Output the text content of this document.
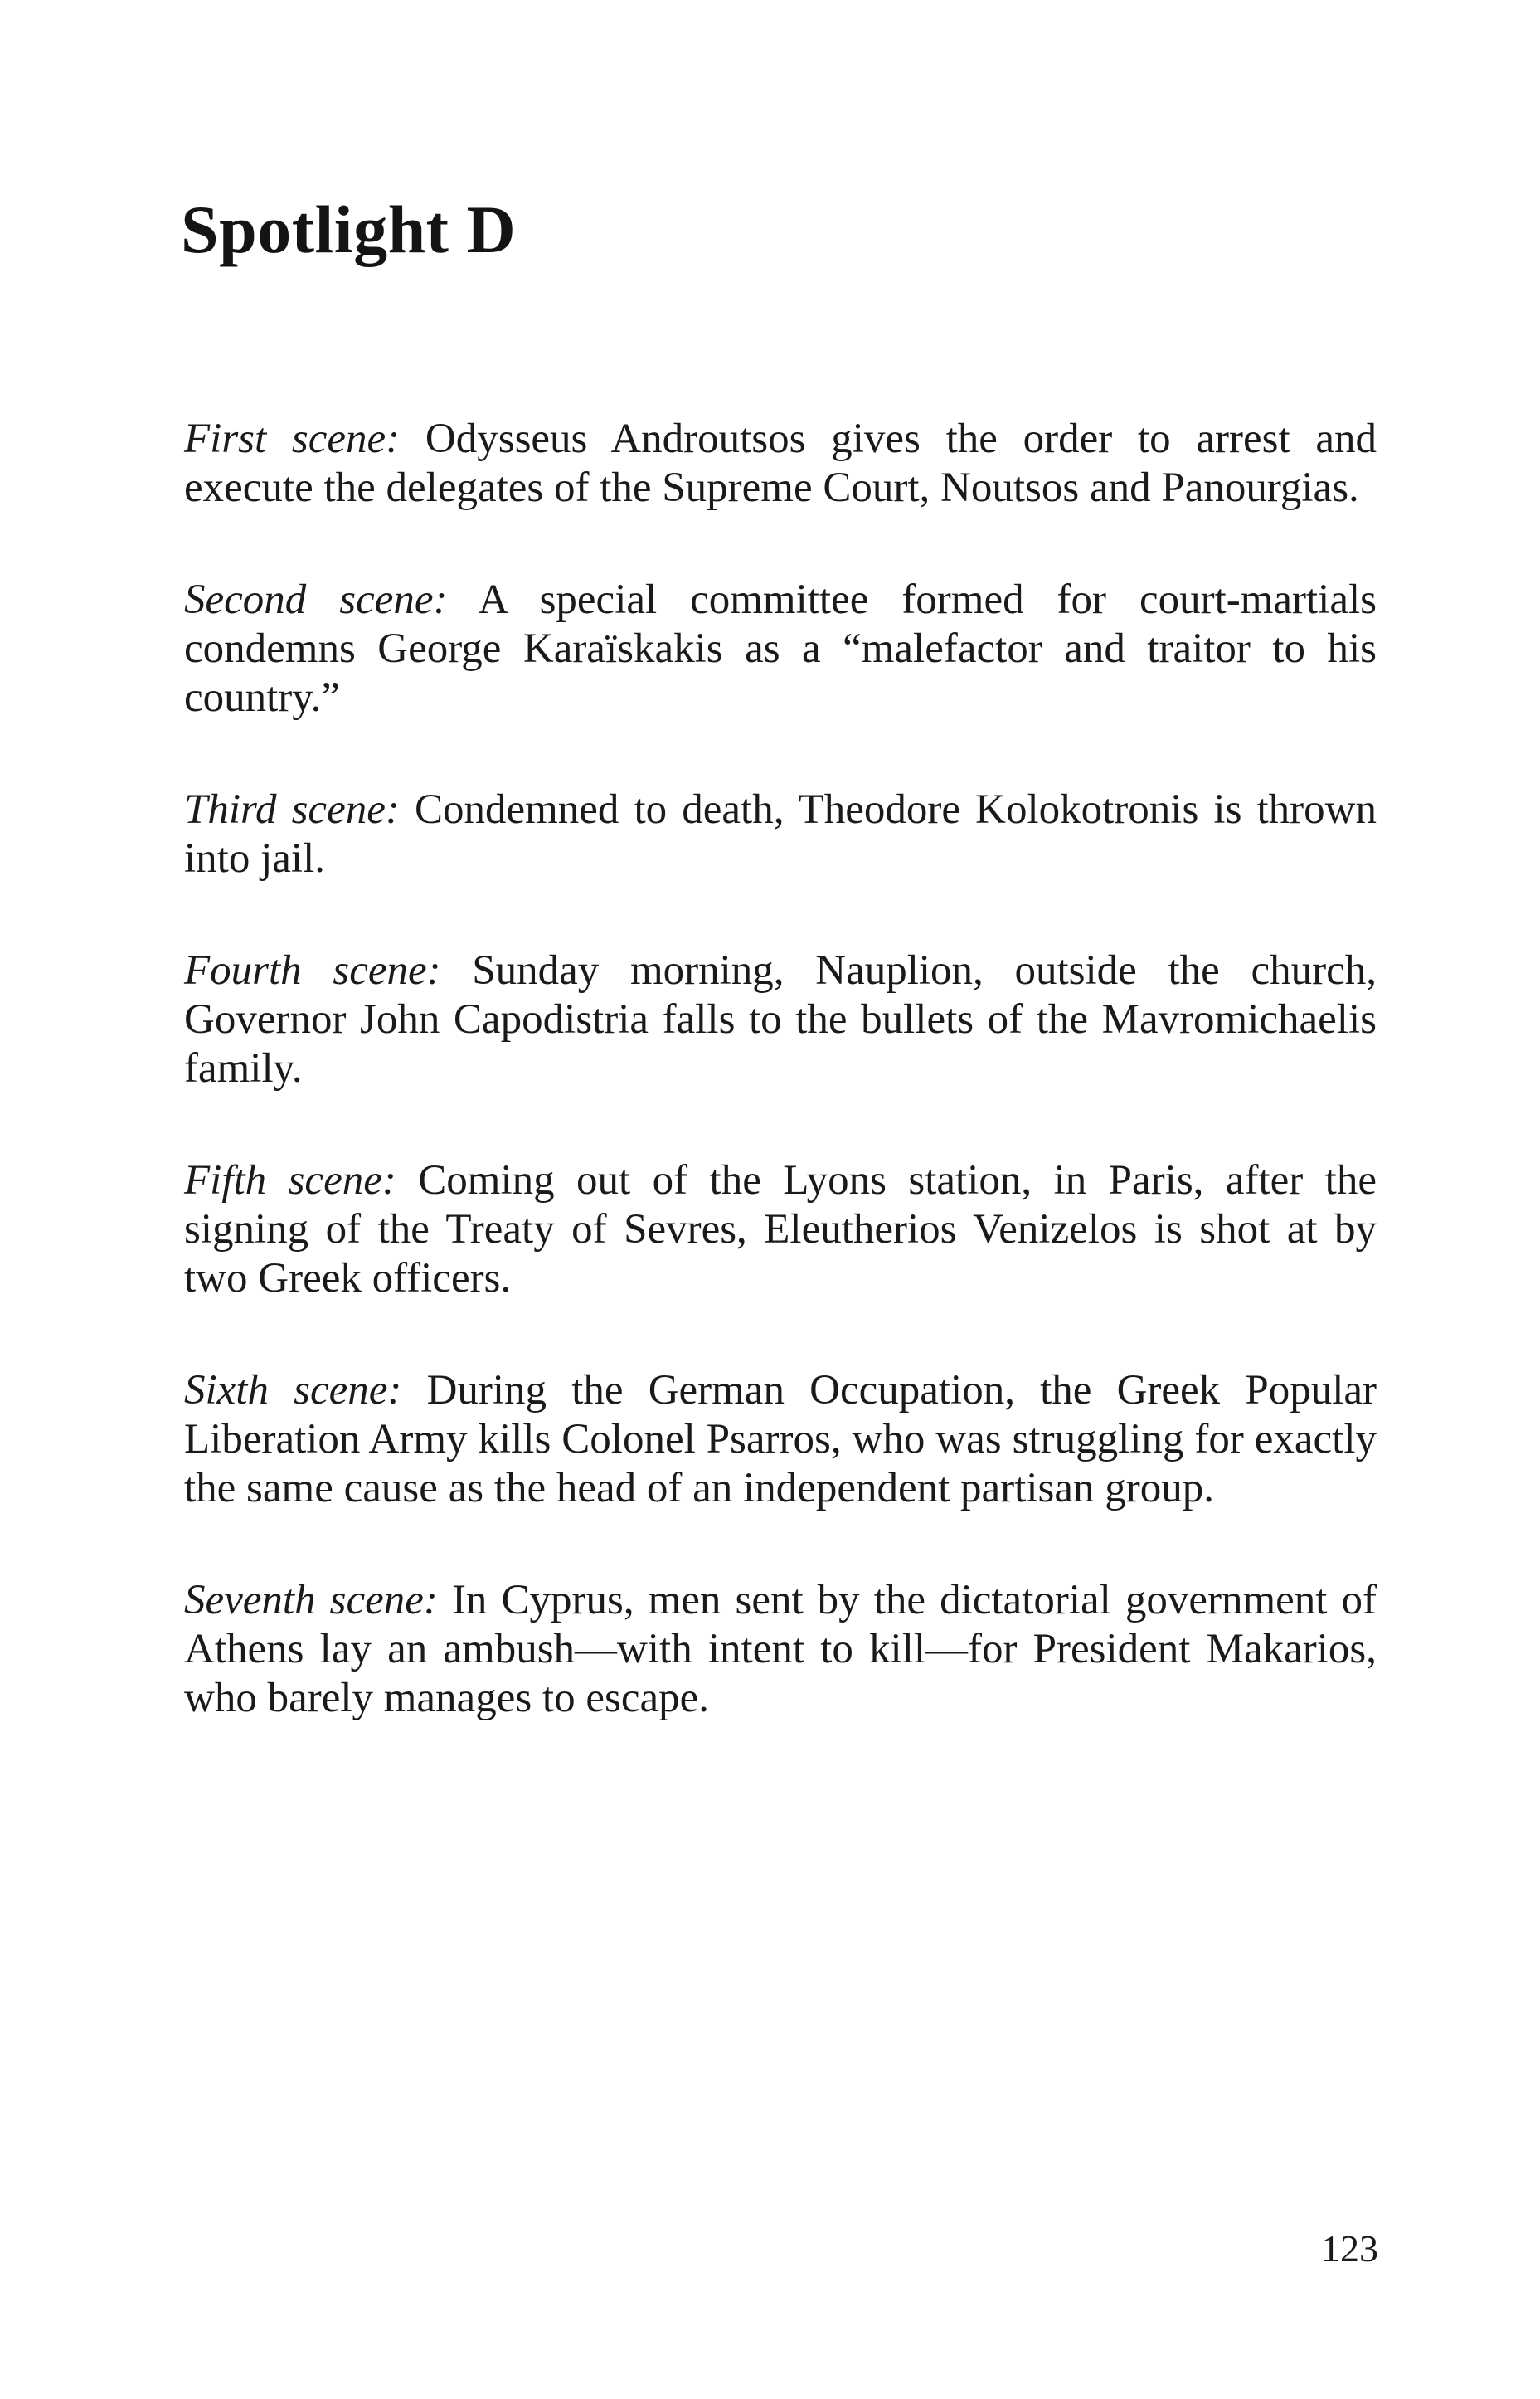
Spotlight D

First scene: Odysseus Androutsos gives the order to arrest and execute the delegates of the Supreme Court, Noutsos and Panourgias.

Second scene: A special committee formed for court-martials condemns George Karaïskakis as a “malefactor and traitor to his country.”

Third scene: Condemned to death, Theodore Kolokotronis is thrown into jail.

Fourth scene: Sunday morning, Nauplion, outside the church, Governor John Capodistria falls to the bullets of the Mavromichaelis family.

Fifth scene: Coming out of the Lyons station, in Paris, after the signing of the Treaty of Sevres, Eleutherios Venizelos is shot at by two Greek officers.

Sixth scene: During the German Occupation, the Greek Popular Liberation Army kills Colonel Psarros, who was struggling for exactly the same cause as the head of an independent partisan group.

Seventh scene: In Cyprus, men sent by the dictatorial government of Athens lay an ambush—with intent to kill—for President Makarios, who barely manages to escape.

123
